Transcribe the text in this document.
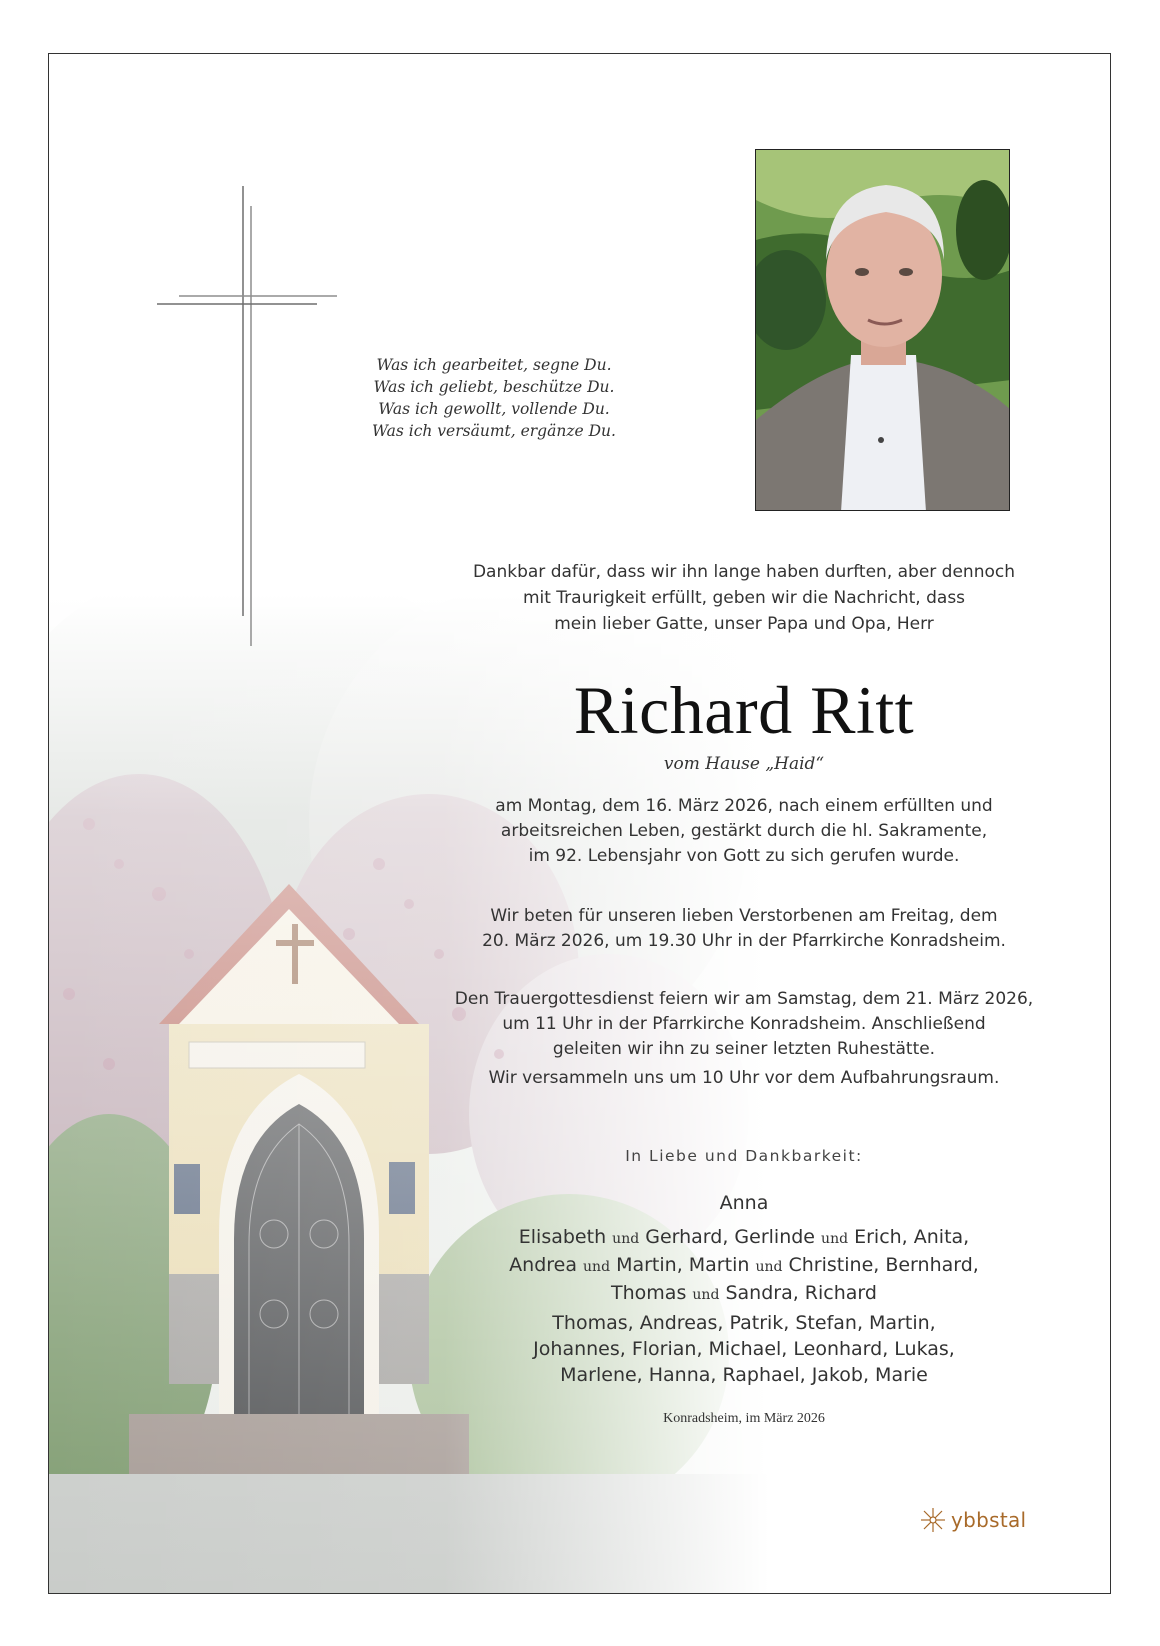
Was ich gearbeitet, segne Du.
Was ich geliebt, beschütze Du.
Was ich gewollt, vollende Du.
Was ich versäumt, ergänze Du.
Dankbar dafür, dass wir ihn lange haben durften, aber dennoch
mit Traurigkeit erfüllt, geben wir die Nachricht, dass
mein lieber Gatte, unser Papa und Opa, Herr
Richard Ritt
vom Hause „Haid“
am Montag, dem 16. März 2026, nach einem erfüllten und
arbeitsreichen Leben, gestärkt durch die hl. Sakramente,
im 92. Lebensjahr von Gott zu sich gerufen wurde.
Wir beten für unseren lieben Verstorbenen am Freitag, dem
20. März 2026, um 19.30 Uhr in der Pfarrkirche Konradsheim.
Den Trauergottesdienst feiern wir am Samstag, dem 21. März 2026,
um 11 Uhr in der Pfarrkirche Konradsheim. Anschließend
geleiten wir ihn zu seiner letzten Ruhestätte.
Wir versammeln uns um 10 Uhr vor dem Aufbahrungsraum.
In Liebe und Dankbarkeit:
Anna
Elisabeth und Gerhard, Gerlinde und Erich, Anita,
Andrea und Martin, Martin und Christine, Bernhard,
Thomas und Sandra, Richard
Thomas, Andreas, Patrik, Stefan, Martin,
Johannes, Florian, Michael, Leonhard, Lukas,
Marlene, Hanna, Raphael, Jakob, Marie
Konradsheim, im März 2026
ybbstal
